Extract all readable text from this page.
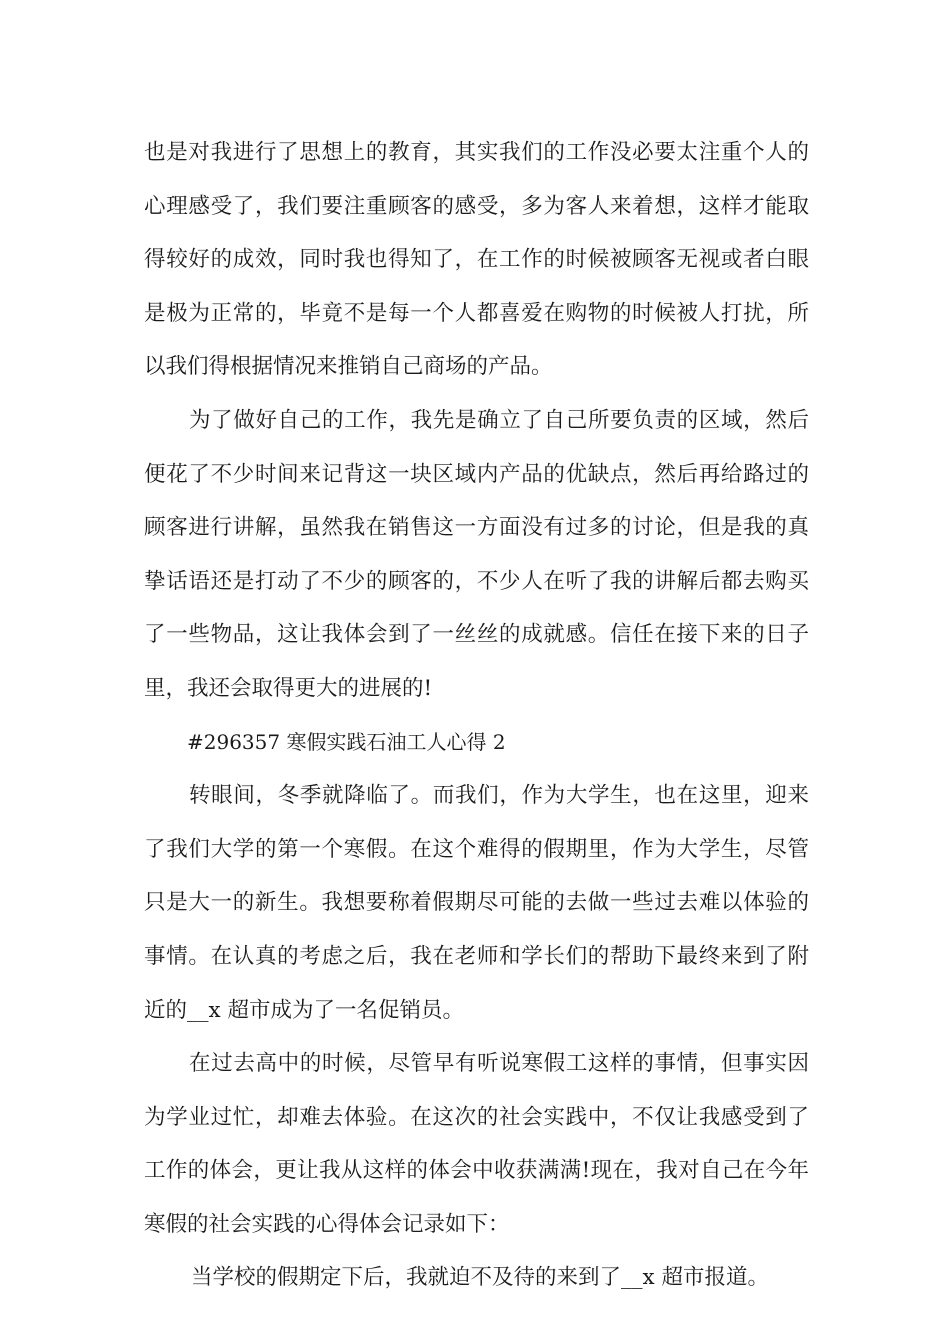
也是对我进行了思想上的教育，其实我们的工作没必要太注重个人的心理感受了，我们要注重顾客的感受，多为客人来着想，这样才能取得较好的成效，同时我也得知了，在工作的时候被顾客无视或者白眼是极为正常的，毕竟不是每一个人都喜爱在购物的时候被人打扰，所以我们得根据情况来推销自己商场的产品。

为了做好自己的工作，我先是确立了自己所要负责的区域，然后便花了不少时间来记背这一块区域内产品的优缺点，然后再给路过的顾客进行讲解，虽然我在销售这一方面没有过多的讨论，但是我的真挚话语还是打动了不少的顾客的，不少人在听了我的讲解后都去购买了一些物品，这让我体会到了一丝丝的成就感。信任在接下来的日子里，我还会取得更大的进展的!

#296357 寒假实践石油工人心得 2

转眼间，冬季就降临了。而我们，作为大学生，也在这里，迎来了我们大学的第一个寒假。在这个难得的假期里，作为大学生，尽管只是大一的新生。我想要称着假期尽可能的去做一些过去难以体验的事情。在认真的考虑之后，我在老师和学长们的帮助下最终来到了附近的__x 超市成为了一名促销员。

在过去高中的时候，尽管早有听说寒假工这样的事情，但事实因为学业过忙，却难去体验。在这次的社会实践中，不仅让我感受到了工作的体会，更让我从这样的体会中收获满满!现在，我对自己在今年寒假的社会实践的心得体会记录如下：

当学校的假期定下后，我就迫不及待的来到了__x 超市报道。
